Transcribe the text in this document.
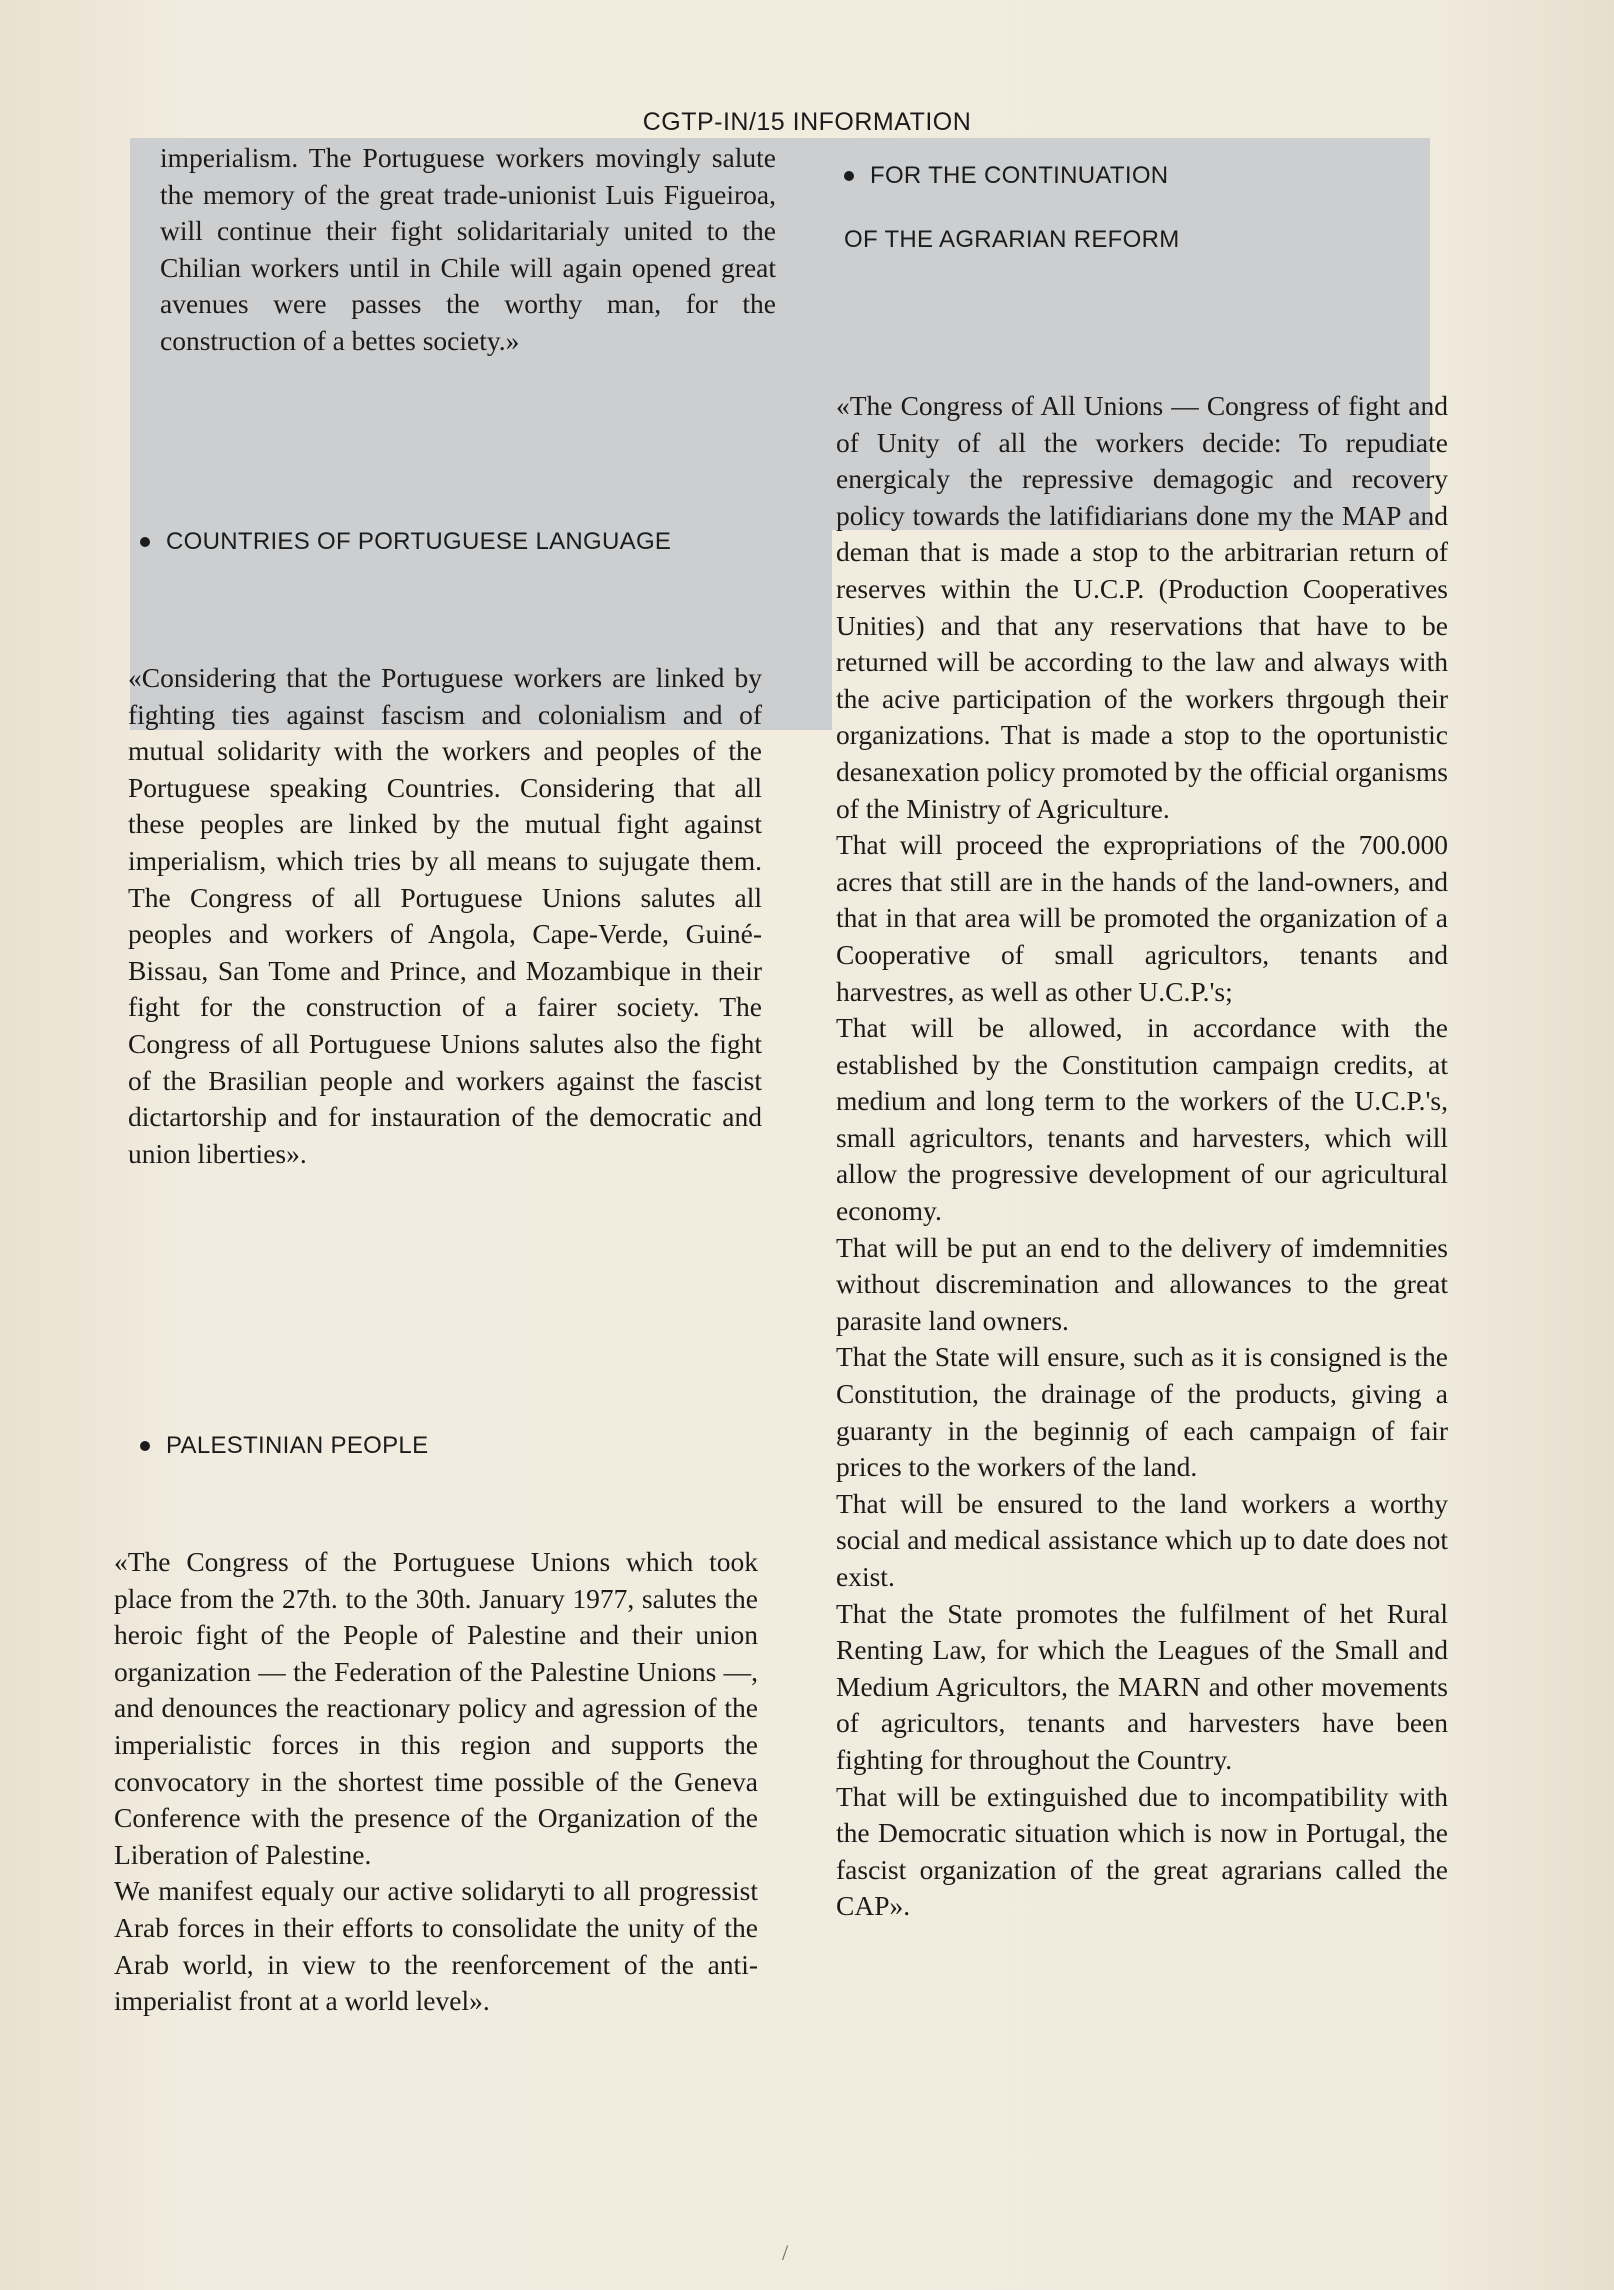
CGTP-IN/15 INFORMATION

imperialism. The Portuguese workers movingly salute the memory of the great trade-unionist Luis Figueiroa, will continue their fight solidaritarialy united to the Chilian workers until in Chile will again opened great avenues were passes the worthy man, for the construction of a bettes society.»

COUNTRIES OF PORTUGUESE LANGUAGE

«Considering that the Portuguese workers are linked by fighting ties against fascism and colonialism and of mutual solidarity with the workers and peoples of the Portuguese speaking Countries. Considering that all these peoples are linked by the mutual fight against imperialism, which tries by all means to sujugate them. The Congress of all Portuguese Unions salutes all peoples and workers of Angola, Cape-Verde, Guiné-Bissau, San Tome and Prince, and Mozambique in their fight for the construction of a fairer society. The Congress of all Portuguese Unions salutes also the fight of the Brasilian people and workers against the fascist dictartorship and for instauration of the democratic and union liberties».

PALESTINIAN PEOPLE

«The Congress of the Portuguese Unions which took place from the 27th. to the 30th. January 1977, salutes the heroic fight of the People of Palestine and their union organization — the Federation of the Palestine Unions —, and denounces the reactionary policy and agression of the imperialistic forces in this region and supports the convocatory in the shortest time possible of the Geneva Conference with the presence of the Organization of the Liberation of Palestine.

We manifest equaly our active solidaryti to all progressist Arab forces in their efforts to consolidate the unity of the Arab world, in view to the reenforcement of the anti-imperialist front at a world level».

FOR THE CONTINUATION
OF THE AGRARIAN REFORM

«The Congress of All Unions — Congress of fight and of Unity of all the workers decide: To repudiate energicaly the repressive demagogic and recovery policy towards the latifidiarians done my the MAP and deman that is made a stop to the arbitrarian return of reserves within the U.C.P. (Production Cooperatives Unities) and that any reservations that have to be returned will be according to the law and always with the acive participation of the workers thrgough their organizations. That is made a stop to the oportunistic desanexation policy promoted by the official organisms of the Ministry of Agriculture.

That will proceed the expropriations of the 700.000 acres that still are in the hands of the land-owners, and that in that area will be promoted the organization of a Cooperative of small agricultors, tenants and harvestres, as well as other U.C.P.'s;

That will be allowed, in accordance with the established by the Constitution campaign credits, at medium and long term to the workers of the U.C.P.'s, small agricultors, tenants and harvesters, which will allow the progressive development of our agricultural economy.

That will be put an end to the delivery of imdemnities without discremination and allowances to the great parasite land owners.

That the State will ensure, such as it is consigned is the Constitution, the drainage of the products, giving a guaranty in the beginnig of each campaign of fair prices to the workers of the land.

That will be ensured to the land workers a worthy social and medical assistance which up to date does not exist.

That the State promotes the fulfilment of het Rural Renting Law, for which the Leagues of the Small and Medium Agricultors, the MARN and other movements of agricultors, tenants and harvesters have been fighting for throughout the Country.

That will be extinguished due to incompatibility with the Democratic situation which is now in Portugal, the fascist organization of the great agrarians called the CAP».

/
